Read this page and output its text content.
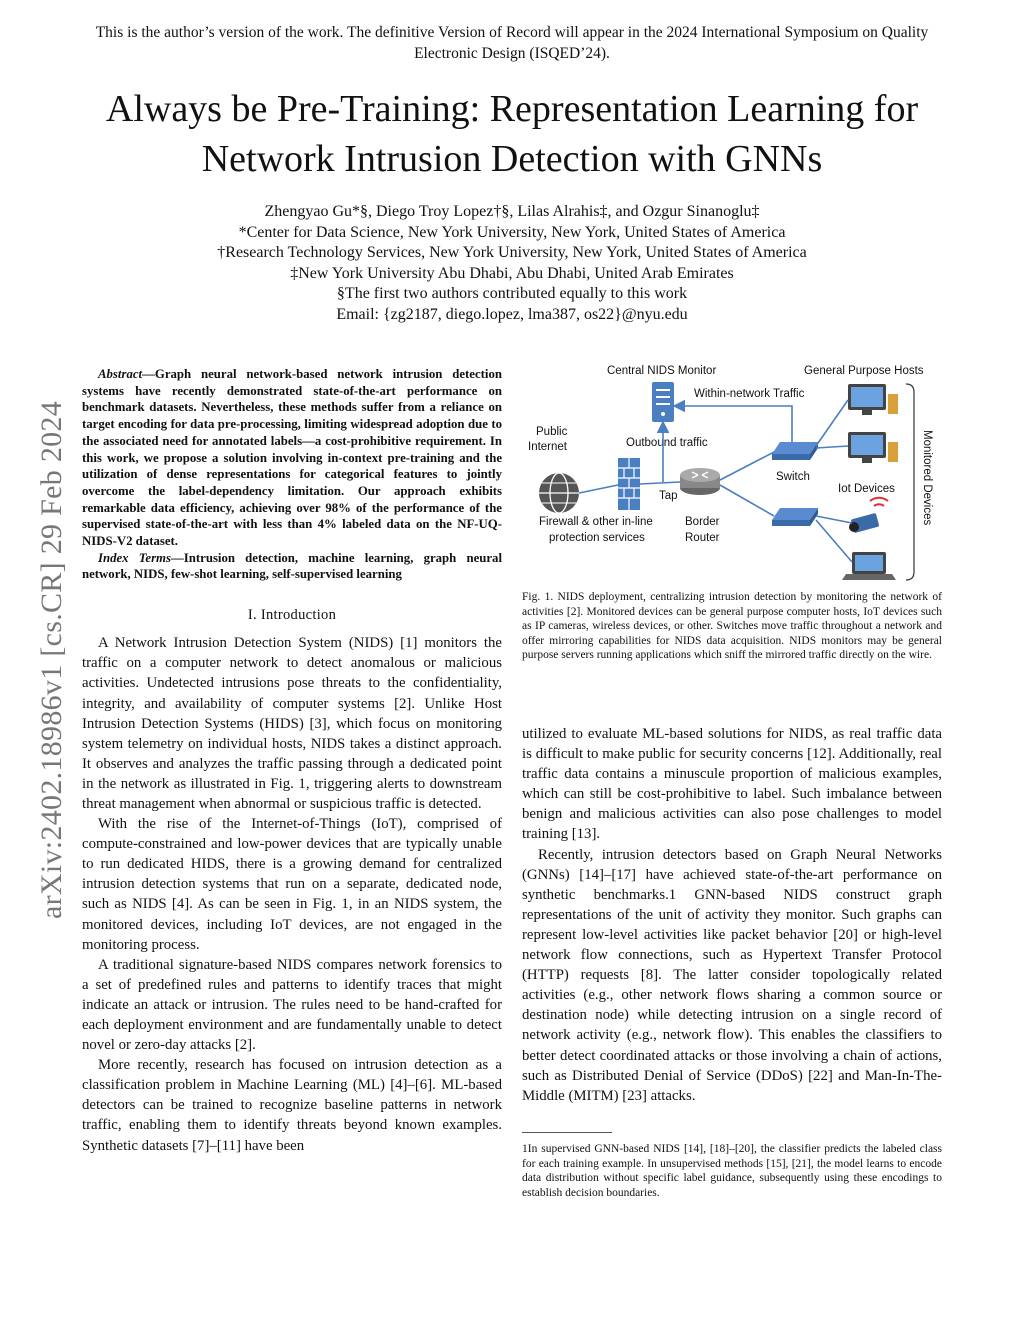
This is the author’s version of the work. The definitive Version of Record will appear in the 2024 International Symposium on Quality Electronic Design (ISQED’24).
Always be Pre-Training: Representation Learning for Network Intrusion Detection with GNNs
Zhengyao Gu*§, Diego Troy Lopez†§, Lilas Alrahis‡, and Ozgur Sinanoglu‡
*Center for Data Science, New York University, New York, United States of America
†Research Technology Services, New York University, New York, United States of America
‡New York University Abu Dhabi, Abu Dhabi, United Arab Emirates
§The first two authors contributed equally to this work
Email: {zg2187, diego.lopez, lma387, os22}@nyu.edu
arXiv:2402.18986v1 [cs.CR] 29 Feb 2024

Abstract—Graph neural network-based network intrusion detection systems have recently demonstrated state-of-the-art performance on benchmark datasets. Nevertheless, these methods suffer from a reliance on target encoding for data pre-processing, limiting widespread adoption due to the associated need for annotated labels—a cost-prohibitive requirement. In this work, we propose a solution involving in-context pre-training and the utilization of dense representations for categorical features to jointly overcome the label-dependency limitation. Our approach exhibits remarkable data efficiency, achieving over 98% of the performance of the supervised state-of-the-art with less than 4% labeled data on the NF-UQ-NIDS-V2 dataset.

Index Terms—Intrusion detection, machine learning, graph neural network, NIDS, few-shot learning, self-supervised learning

I. Introduction

A Network Intrusion Detection System (NIDS) [1] monitors the traffic on a computer network to detect anomalous or malicious activities. Undetected intrusions pose threats to the confidentiality, integrity, and availability of computer systems [2]. Unlike Host Intrusion Detection Systems (HIDS) [3], which focus on monitoring system telemetry on individual hosts, NIDS takes a distinct approach. It observes and analyzes the traffic passing through a dedicated point in the network as illustrated in Fig. 1, triggering alerts to downstream threat management when abnormal or suspicious traffic is detected.

With the rise of the Internet-of-Things (IoT), comprised of compute-constrained and low-power devices that are typically unable to run dedicated HIDS, there is a growing demand for centralized intrusion detection systems that run on a separate, dedicated node, such as NIDS [4]. As can be seen in Fig. 1, in an NIDS system, the monitored devices, including IoT devices, are not engaged in the monitoring process.

A traditional signature-based NIDS compares network forensics to a set of predefined rules and patterns to identify traces that might indicate an attack or intrusion. The rules need to be hand-crafted for each deployment environment and are fundamentally unable to detect novel or zero-day attacks [2].

More recently, research has focused on intrusion detection as a classification problem in Machine Learning (ML) [4]–[6]. ML-based detectors can be trained to recognize baseline patterns in network traffic, enabling them to identify threats beyond known examples. Synthetic datasets [7]–[11] have been

Central NIDS Monitor	General Purpose Hosts
Within-network Traffic
Public
Internet	Outbound traffic
Switch
Iot Devices
Tap
Firewall & other in-line
protection services
Border
Router
Monitored Devices
Fig. 1. NIDS deployment, centralizing intrusion detection by monitoring the network of activities [2]. Monitored devices can be general purpose computer hosts, IoT devices such as IP cameras, wireless devices, or other. Switches move traffic throughout a network and offer mirroring capabilities for NIDS data acquisition. NIDS monitors may be general purpose servers running applications which sniff the mirrored traffic directly on the wire.

utilized to evaluate ML-based solutions for NIDS, as real traffic data is difficult to make public for security concerns [12]. Additionally, real traffic data contains a minuscule proportion of malicious examples, which can still be cost-prohibitive to label. Such imbalance between benign and malicious activities can also pose challenges to model training [13].

Recently, intrusion detectors based on Graph Neural Networks (GNNs) [14]–[17] have achieved state-of-the-art performance on synthetic benchmarks.1 GNN-based NIDS construct graph representations of the unit of activity they monitor. Such graphs can represent low-level activities like packet behavior [20] or high-level network flow connections, such as Hypertext Transfer Protocol (HTTP) requests [8]. The latter consider topologically related activities (e.g., other network flows sharing a common source or destination node) while detecting intrusion on a single record of network activity (e.g., network flow). This enables the classifiers to better detect coordinated attacks or those involving a chain of actions, such as Distributed Denial of Service (DDoS) [22] and Man-In-The-Middle (MITM) [23] attacks.

1In supervised GNN-based NIDS [14], [18]–[20], the classifier predicts the labeled class for each training example. In unsupervised methods [15], [21], the model learns to encode data distribution without specific label guidance, subsequently using these encodings to establish decision boundaries.
